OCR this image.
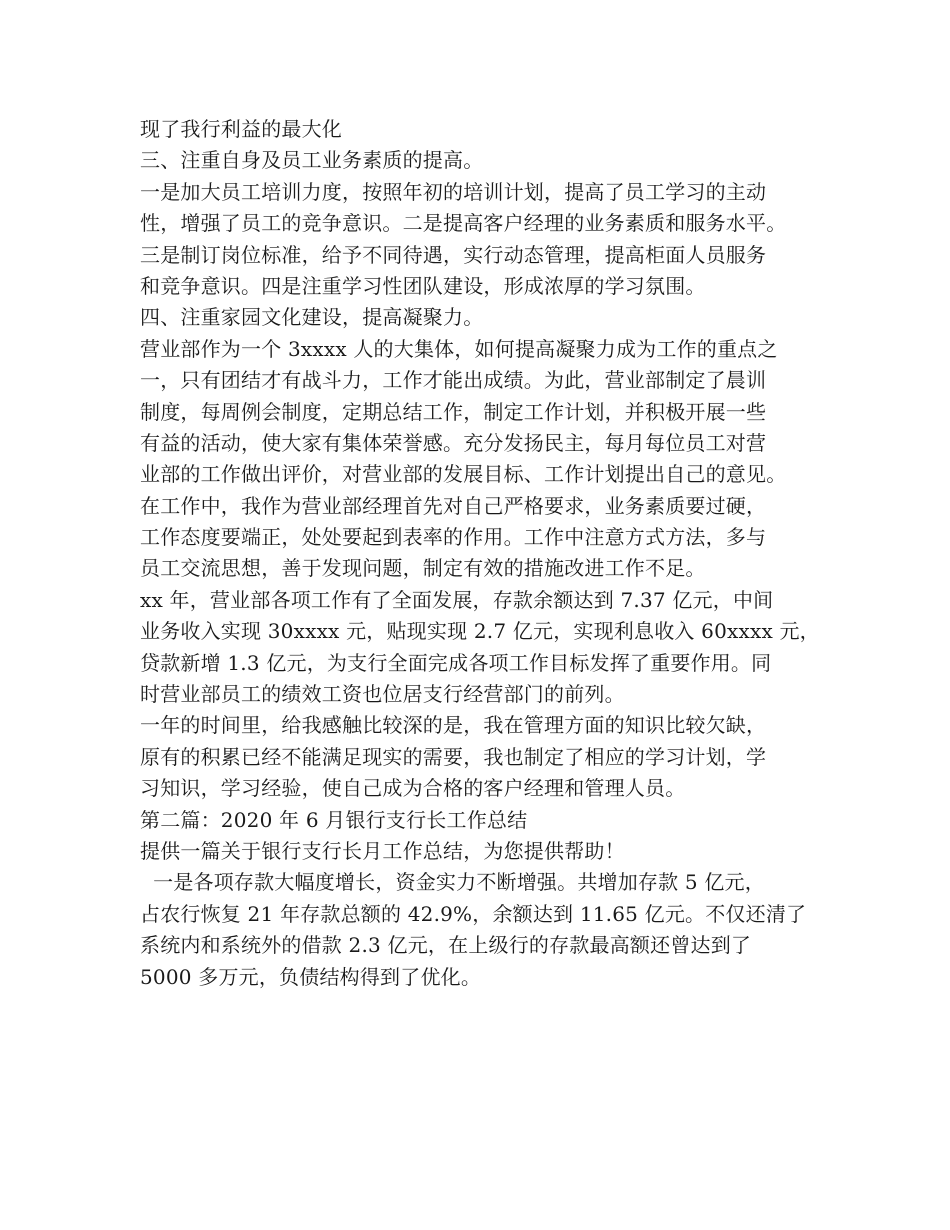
现了我行利益的最大化
三、注重自身及员工业务素质的提高。
一是加大员工培训力度，按照年初的培训计划，提高了员工学习的主动
性，增强了员工的竞争意识。二是提高客户经理的业务素质和服务水平。
三是制订岗位标准，给予不同待遇，实行动态管理，提高柜面人员服务
和竞争意识。四是注重学习性团队建设，形成浓厚的学习氛围。
四、注重家园文化建设，提高凝聚力。
营业部作为一个 3xxxx 人的大集体，如何提高凝聚力成为工作的重点之
一，只有团结才有战斗力，工作才能出成绩。为此，营业部制定了晨训
制度，每周例会制度，定期总结工作，制定工作计划，并积极开展一些
有益的活动，使大家有集体荣誉感。充分发扬民主，每月每位员工对营
业部的工作做出评价，对营业部的发展目标、工作计划提出自己的意见。
在工作中，我作为营业部经理首先对自己严格要求，业务素质要过硬，
工作态度要端正，处处要起到表率的作用。工作中注意方式方法，多与
员工交流思想，善于发现问题，制定有效的措施改进工作不足。
xx 年，营业部各项工作有了全面发展，存款余额达到 7.37 亿元，中间
业务收入实现 30xxxx 元，贴现实现 2.7 亿元，实现利息收入 60xxxx 元，
贷款新增 1.3 亿元，为支行全面完成各项工作目标发挥了重要作用。同
时营业部员工的绩效工资也位居支行经营部门的前列。
一年的时间里，给我感触比较深的是，我在管理方面的知识比较欠缺，
原有的积累已经不能满足现实的需要，我也制定了相应的学习计划，学
习知识，学习经验，使自己成为合格的客户经理和管理人员。
第二篇：2020 年 6 月银行支行长工作总结
提供一篇关于银行支行长月工作总结，为您提供帮助！
一是各项存款大幅度增长，资金实力不断增强。共增加存款 5 亿元，
占农行恢复 21 年存款总额的 42.9%，余额达到 11.65 亿元。不仅还清了
系统内和系统外的借款 2.3 亿元，在上级行的存款最高额还曾达到了
5000 多万元，负债结构得到了优化。
